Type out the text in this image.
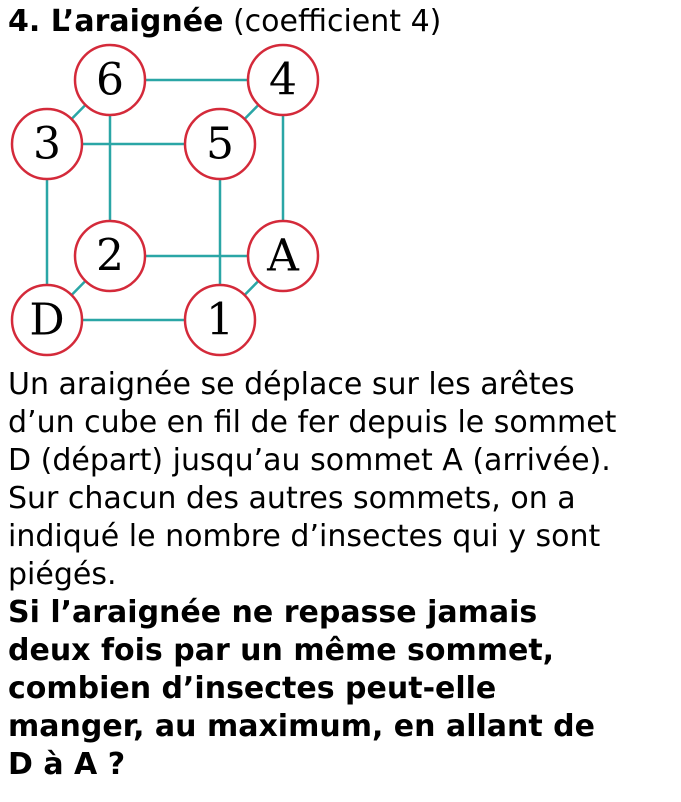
4. L’araignée (coefficient 4)
6	4
3	5
2	A
D	1

Un araignée se déplace sur les arêtes

d’un cube en fil de fer depuis le sommet

D (départ) jusqu’au sommet A (arrivée).

Sur chacun des autres sommets, on a

indiqué le nombre d’insectes qui y sont

piégés.

Si l’araignée ne repasse jamais

deux fois par un même sommet,

combien d’insectes peut-elle

manger, au maximum, en allant de

D à A ?
